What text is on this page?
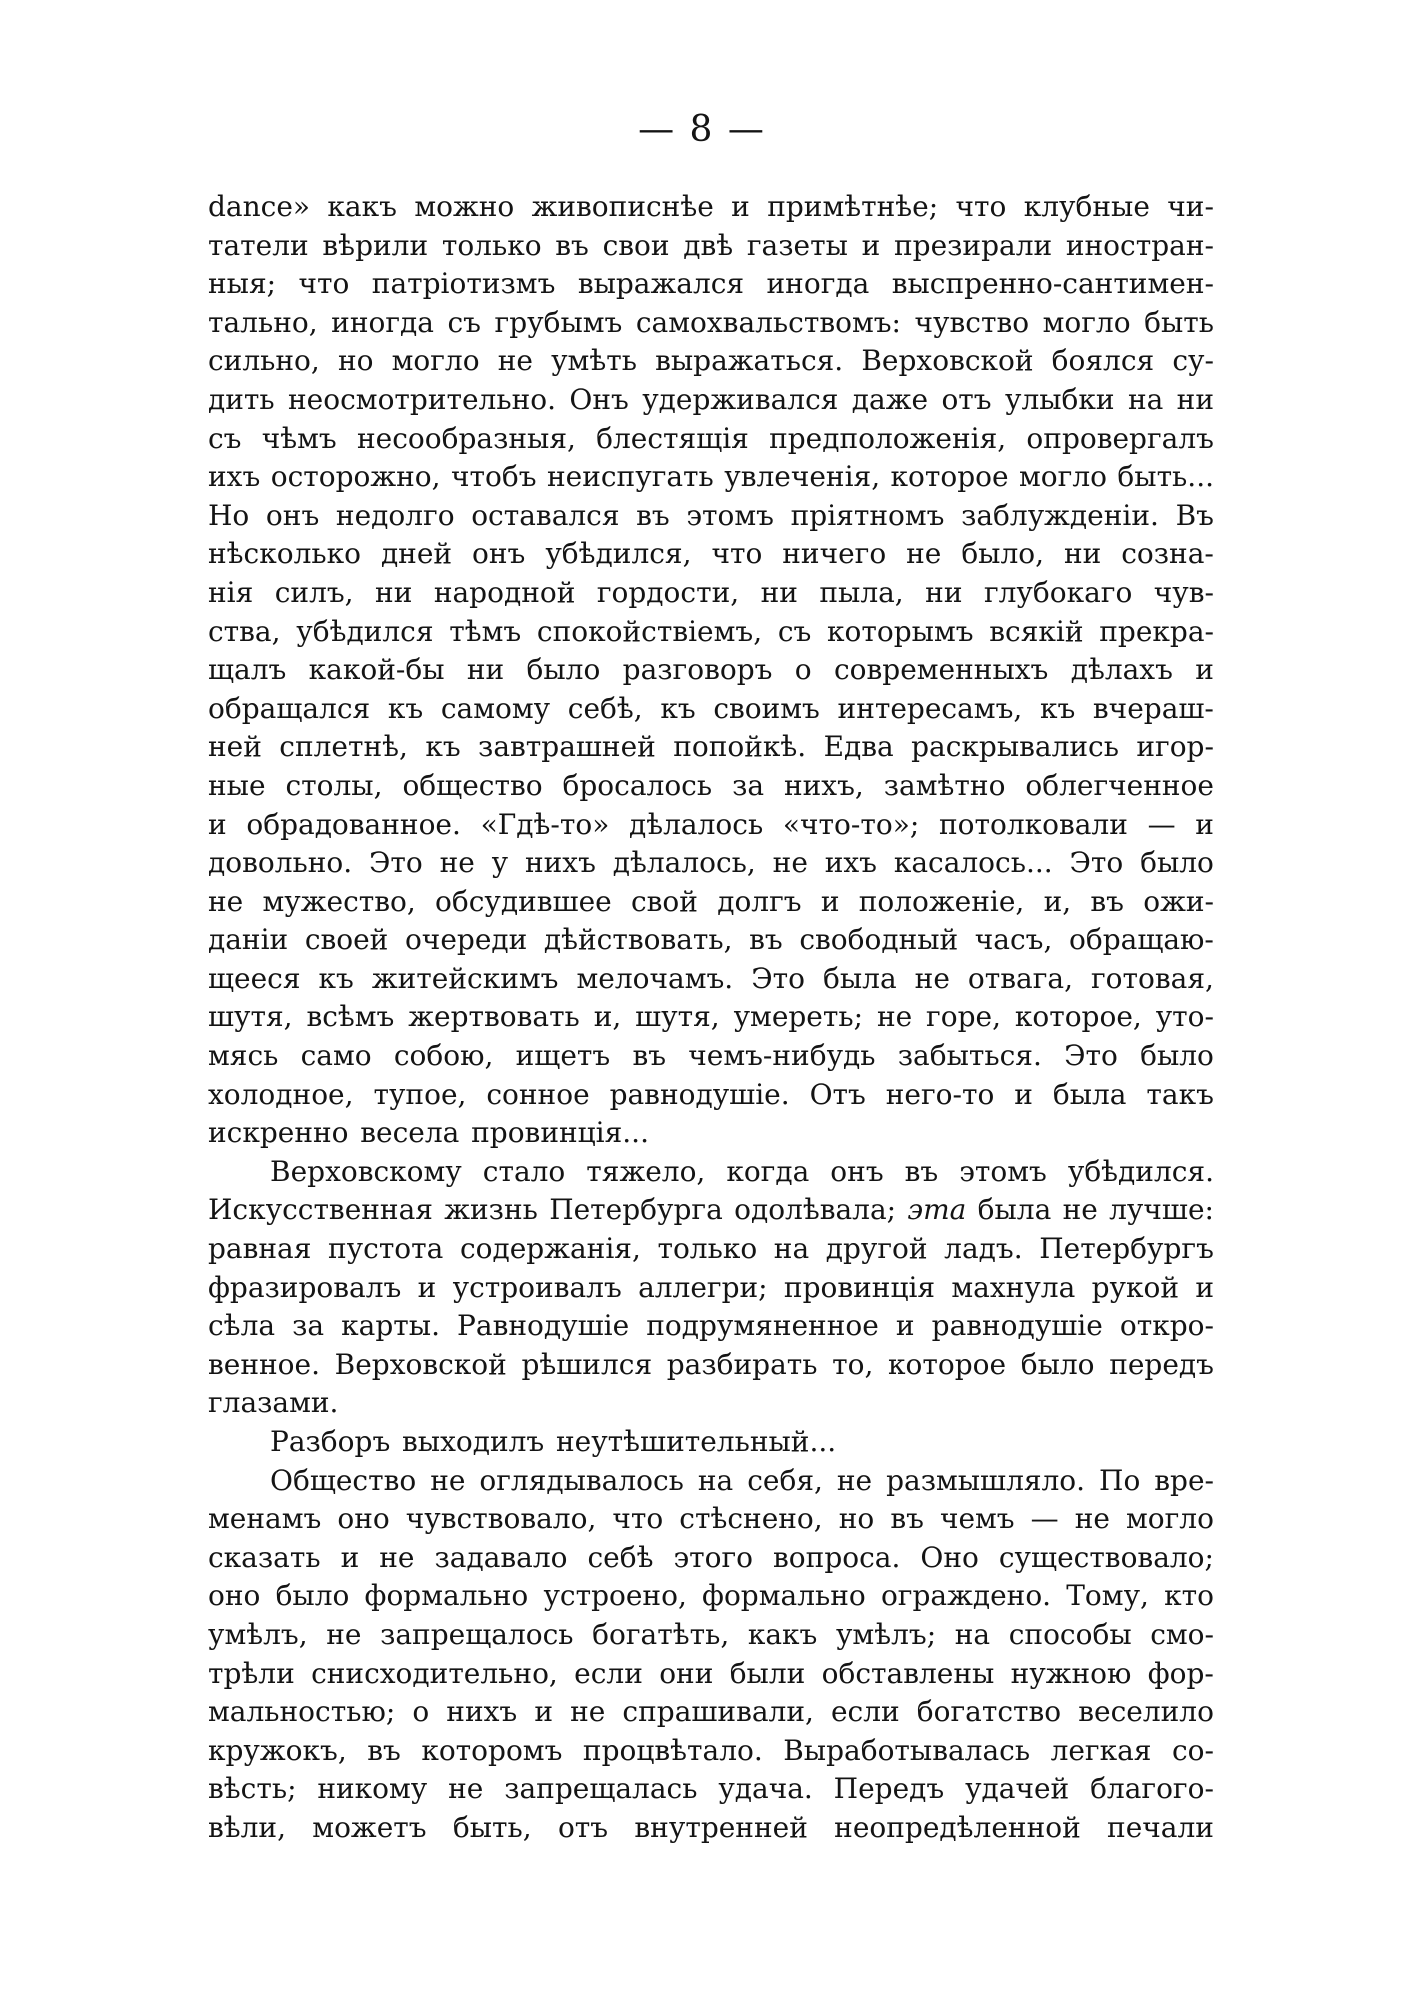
— 8 —
dance» какъ можно живописнѣе и примѣтнѣе; что клубные чи-
татели вѣрили только въ свои двѣ газеты и презирали иностран-
ныя; что патріотизмъ выражался иногда выспренно-сантимен-
тально, иногда съ грубымъ самохвальствомъ: чувство могло быть
сильно, но могло не умѣть выражаться. Верховской боялся су-
дить неосмотрительно. Онъ удерживался даже отъ улыбки на ни
съ чѣмъ несообразныя, блестящія предположенія, опровергалъ
ихъ осторожно, чтобъ неиспугать увлеченія, которое могло быть...
Но онъ недолго оставался въ этомъ пріятномъ заблужденіи. Въ
нѣсколько дней онъ убѣдился, что ничего не было, ни созна-
нія силъ, ни народной гордости, ни пыла, ни глубокаго чув-
ства, убѣдился тѣмъ спокойствіемъ, съ которымъ всякій прекра-
щалъ какой-бы ни было разговоръ о современныхъ дѣлахъ и
обращался къ самому себѣ, къ своимъ интересамъ, къ вчераш-
ней сплетнѣ, къ завтрашней попойкѣ. Едва раскрывались игор-
ные столы, общество бросалось за нихъ, замѣтно облегченное
и обрадованное. «Гдѣ-то» дѣлалось «что-то»; потолковали — и
довольно. Это не у нихъ дѣлалось, не ихъ касалось... Это было
не мужество, обсудившее свой долгъ и положеніе, и, въ ожи-
даніи своей очереди дѣйствовать, въ свободный часъ, обращаю-
щееся къ житейскимъ мелочамъ. Это была не отвага, готовая,
шутя, всѣмъ жертвовать и, шутя, умереть; не горе, которое, уто-
мясь само собою, ищетъ въ чемъ-нибудь забыться. Это было
холодное, тупое, сонное равнодушіе. Отъ него-то и была такъ
искренно весела провинція...
Верховскому стало тяжело, когда онъ въ этомъ убѣдился.
Искусственная жизнь Петербурга одолѣвала; эта была не лучше:
равная пустота содержанія, только на другой ладъ. Петербургъ
фразировалъ и устроивалъ аллегри; провинція махнула рукой и
сѣла за карты. Равнодушіе подрумяненное и равнодушіе откро-
венное. Верховской рѣшился разбирать то, которое было передъ
глазами.
Разборъ выходилъ неутѣшительный...
Общество не оглядывалось на себя, не размышляло. По вре-
менамъ оно чувствовало, что стѣснено, но въ чемъ — не могло
сказать и не задавало себѣ этого вопроса. Оно существовало;
оно было формально устроено, формально ограждено. Тому, кто
умѣлъ, не запрещалось богатѣть, какъ умѣлъ; на способы смо-
трѣли снисходительно, если они были обставлены нужною фор-
мальностью; о нихъ и не спрашивали, если богатство веселило
кружокъ, въ которомъ процвѣтало. Выработывалась легкая со-
вѣсть; никому не запрещалась удача. Передъ удачей благого-
вѣли, можетъ быть, отъ внутренней неопредѣленной печали
